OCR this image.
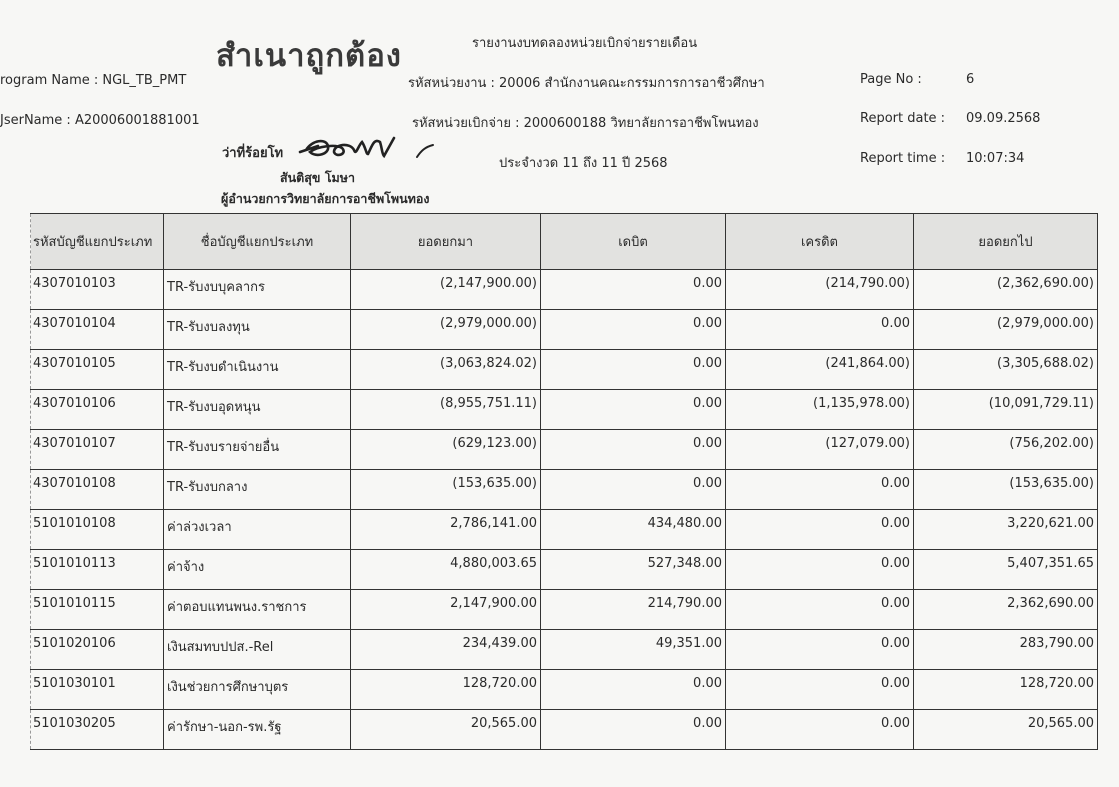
สำเนาถูกต้อง	รายงานงบทดลองหน่วยเบิกจ่ายรายเดือน
rogram Name : NGL_TB_PMT
JserName : A20006001881001
รหัสหน่วยงาน : 20006 สำนักงานคณะกรรมการการอาชีวศึกษา
รหัสหน่วยเบิกจ่าย : 2000600188 วิทยาลัยการอาชีพโพนทอง
ประจำงวด 11 ถึง 11 ปี 2568
Page No :	6
Report date : 09.09.2568
Report time : 10:07:34
ว่าที่ร้อยโท
สันติสุข โมษา
ผู้อำนวยการวิทยาลัยการอาชีพโพนทอง
รหัสบัญชีแยกประเภท	ชื่อบัญชีแยกประเภท	ยอดยกมา	เดบิต	เครดิต	ยอดยกไป
4307010103	TR-รับงบบุคลากร	(2,147,900.00)	0.00	(214,790.00)	(2,362,690.00)
4307010104	TR-รับงบลงทุน	(2,979,000.00)	0.00	0.00	(2,979,000.00)
4307010105	TR-รับงบดำเนินงาน	(3,063,824.02)	0.00	(241,864.00)	(3,305,688.02)
4307010106	TR-รับงบอุดหนุน	(8,955,751.11)	0.00	(1,135,978.00)	(10,091,729.11)
4307010107	TR-รับงบรายจ่ายอื่น	(629,123.00)	0.00	(127,079.00)	(756,202.00)
4307010108	TR-รับงบกลาง	(153,635.00)	0.00	0.00	(153,635.00)
5101010108	ค่าล่วงเวลา	2,786,141.00	434,480.00	0.00	3,220,621.00
5101010113	ค่าจ้าง	4,880,003.65	527,348.00	0.00	5,407,351.65
5101010115	ค่าตอบแทนพนง.ราชการ	2,147,900.00	214,790.00	0.00	2,362,690.00
5101020106	เงินสมทบปปส.-Rel	234,439.00	49,351.00	0.00	283,790.00
5101030101	เงินช่วยการศึกษาบุตร	128,720.00	0.00	0.00	128,720.00
5101030205	ค่ารักษา-นอก-รพ.รัฐ	20,565.00	0.00	0.00	20,565.00
